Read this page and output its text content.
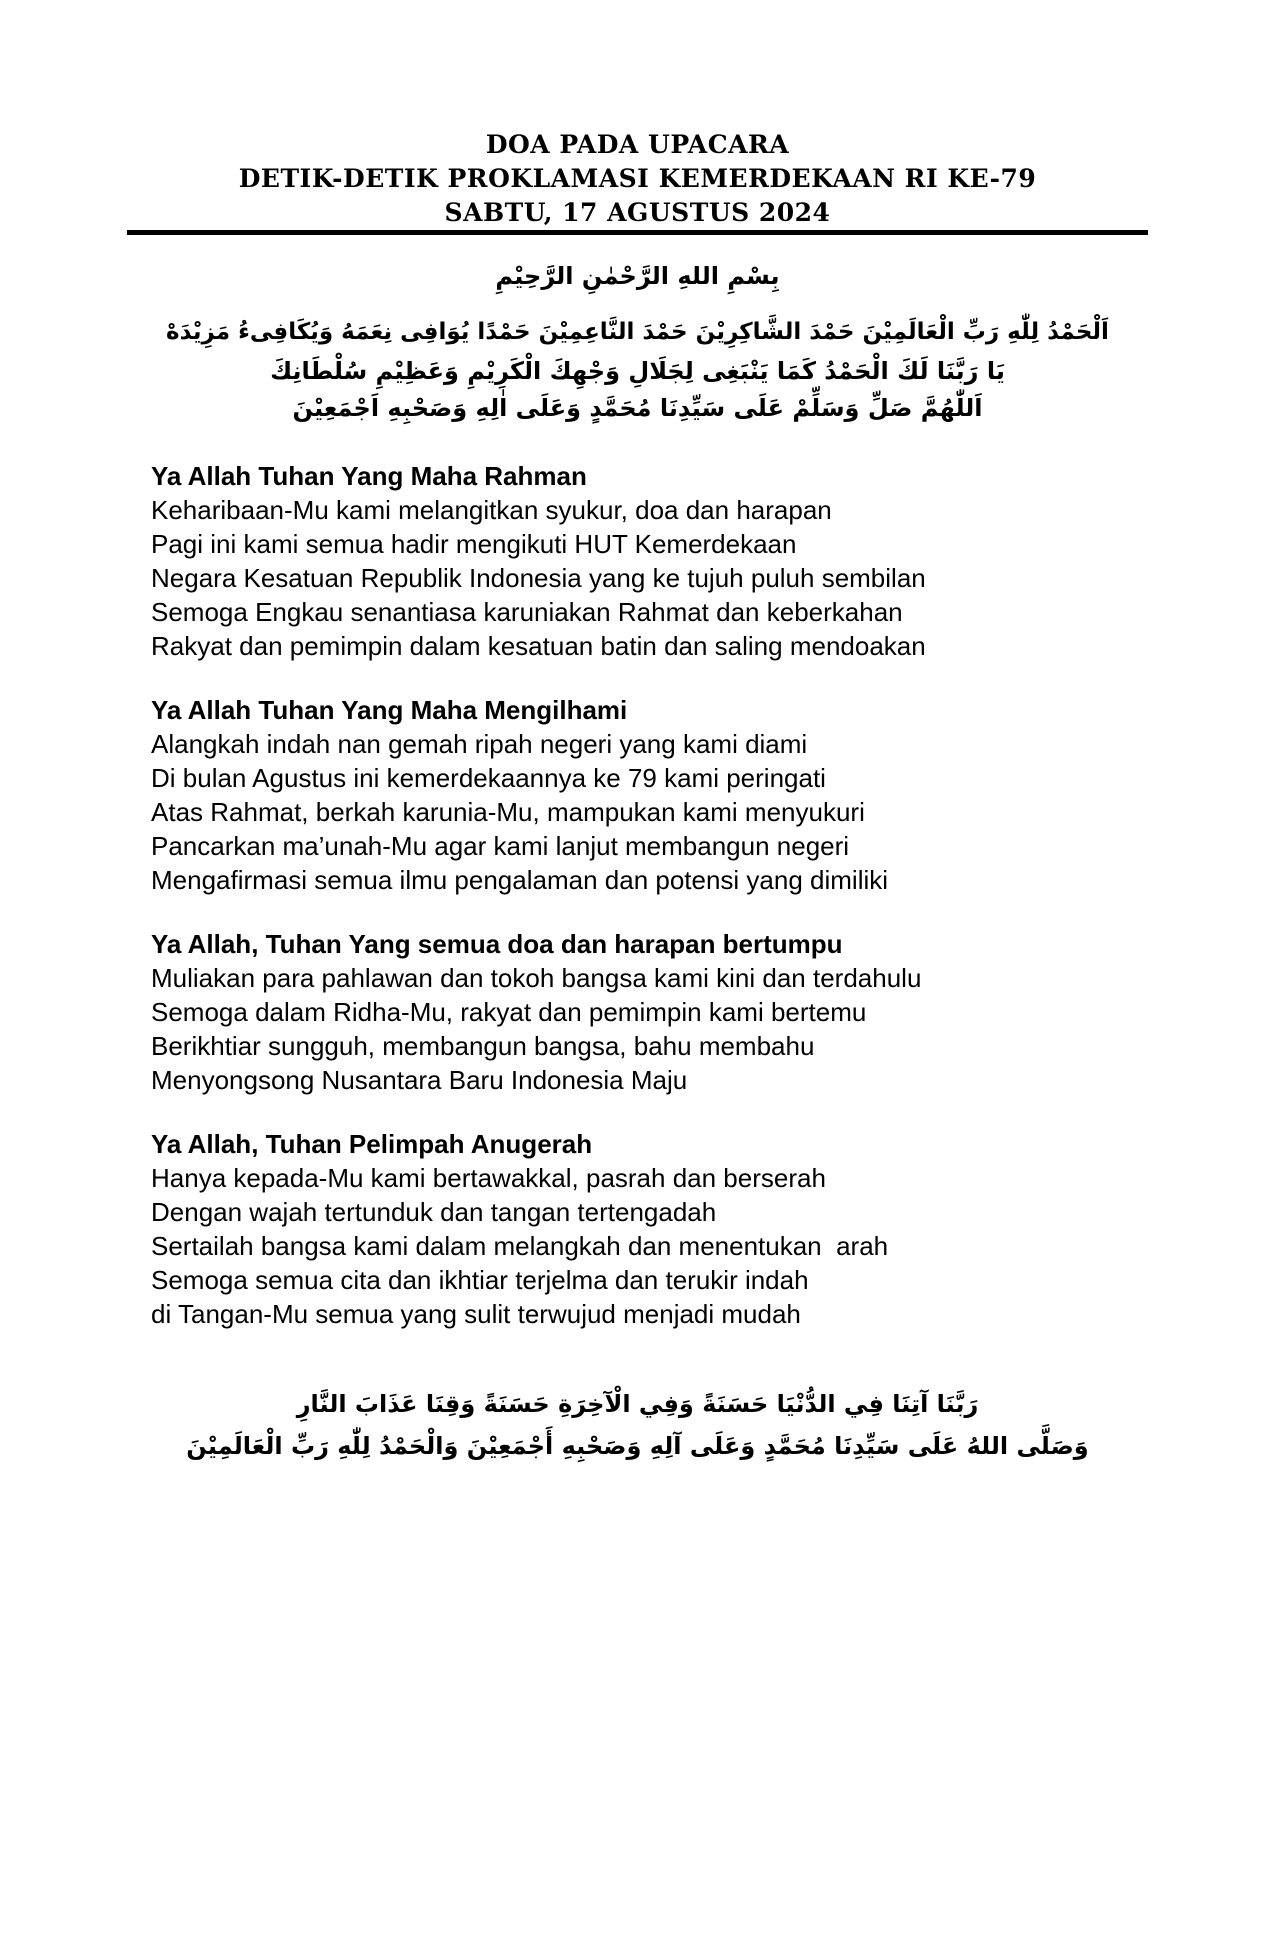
DOA PADA UPACARA
DETIK-DETIK PROKLAMASI KEMERDEKAAN RI KE-79
SABTU, 17 AGUSTUS 2024
بِسْمِ اللهِ الرَّحْمٰنِ الرَّحِيْمِ
اَلْحَمْدُ لِلّٰهِ رَبِّ الْعَالَمِيْنَ حَمْدَ الشَّاكِرِيْنَ حَمْدَ النَّاعِمِيْنَ حَمْدًا يُوَافِى نِعَمَهُ وَيُكَافِىءُ مَزِيْدَهْ
يَا رَبَّنَا لَكَ الْحَمْدُ كَمَا يَنْبَغِى لِجَلَالِ وَجْهِكَ الْكَرِيْمِ وَعَظِيْمِ سُلْطَانِكَ
اَللّٰهُمَّ صَلِّ وَسَلِّمْ عَلَى سَيِّدِنَا مُحَمَّدٍ وَعَلَى اٰلِهِ وَصَحْبِهِ اَجْمَعِيْنَ
Ya Allah Tuhan Yang Maha Rahman
Keharibaan-Mu kami melangitkan syukur, doa dan harapan
Pagi ini kami semua hadir mengikuti HUT Kemerdekaan
Negara Kesatuan Republik Indonesia yang ke tujuh puluh sembilan
Semoga Engkau senantiasa karuniakan Rahmat dan keberkahan
Rakyat dan pemimpin dalam kesatuan batin dan saling mendoakan
Ya Allah Tuhan Yang Maha Mengilhami
Alangkah indah nan gemah ripah negeri yang kami diami
Di bulan Agustus ini kemerdekaannya ke 79 kami peringati
Atas Rahmat, berkah karunia-Mu, mampukan kami menyukuri
Pancarkan ma’unah-Mu agar kami lanjut membangun negeri
Mengafirmasi semua ilmu pengalaman dan potensi yang dimiliki
Ya Allah, Tuhan Yang semua doa dan harapan bertumpu
Muliakan para pahlawan dan tokoh bangsa kami kini dan terdahulu
Semoga dalam Ridha-Mu, rakyat dan pemimpin kami bertemu
Berikhtiar sungguh, membangun bangsa, bahu membahu
Menyongsong Nusantara Baru Indonesia Maju
Ya Allah, Tuhan Pelimpah Anugerah
Hanya kepada-Mu kami bertawakkal, pasrah dan berserah
Dengan wajah tertunduk dan tangan tertengadah
Sertailah bangsa kami dalam melangkah dan menentukan  arah
Semoga semua cita dan ikhtiar terjelma dan terukir indah
di Tangan-Mu semua yang sulit terwujud menjadi mudah
رَبَّنَا آتِنَا فِي الدُّنْيَا حَسَنَةً وَفِي الْآخِرَةِ حَسَنَةً وَقِنَا عَذَابَ النَّارِ
وَصَلَّى اللهُ عَلَى سَيِّدِنَا مُحَمَّدٍ وَعَلَى آلِهِ وَصَحْبِهِ أَجْمَعِيْنَ وَالْحَمْدُ لِلّٰهِ رَبِّ الْعَالَمِيْنَ
